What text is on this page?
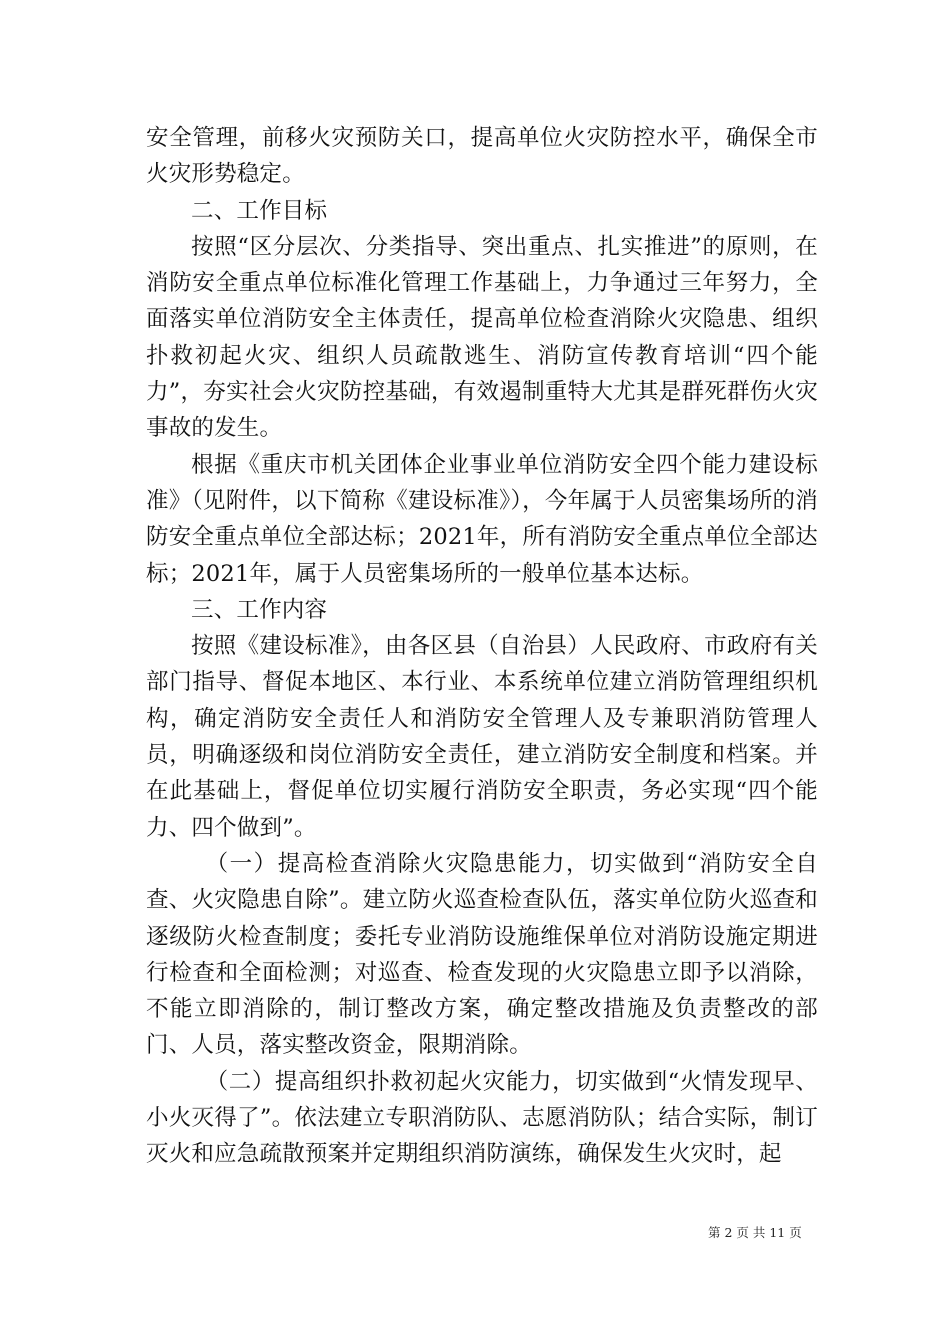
安全管理，前移火灾预防关口，提高单位火灾防控水平，确保全市火灾形势稳定。

二、工作目标

按照“区分层次、分类指导、突出重点、扎实推进”的原则，在消防安全重点单位标准化管理工作基础上，力争通过三年努力，全面落实单位消防安全主体责任，提高单位检查消除火灾隐患、组织扑救初起火灾、组织人员疏散逃生、消防宣传教育培训“四个能力”，夯实社会火灾防控基础，有效遏制重特大尤其是群死群伤火灾事故的发生。

根据《重庆市机关团体企业事业单位消防安全四个能力建设标准》（见附件，以下简称《建设标准》），今年属于人员密集场所的消防安全重点单位全部达标；2021年，所有消防安全重点单位全部达标；2021年，属于人员密集场所的一般单位基本达标。

三、工作内容

按照《建设标准》，由各区县（自治县）人民政府、市政府有关部门指导、督促本地区、本行业、本系统单位建立消防管理组织机构，确定消防安全责任人和消防安全管理人及专兼职消防管理人员，明确逐级和岗位消防安全责任，建立消防安全制度和档案。并在此基础上，督促单位切实履行消防安全职责，务必实现“四个能力、四个做到”。

（一）提高检查消除火灾隐患能力，切实做到“消防安全自查、火灾隐患自除”。建立防火巡查检查队伍，落实单位防火巡查和逐级防火检查制度；委托专业消防设施维保单位对消防设施定期进行检查和全面检测；对巡查、检查发现的火灾隐患立即予以消除，不能立即消除的，制订整改方案，确定整改措施及负责整改的部门、人员，落实整改资金，限期消除。

（二）提高组织扑救初起火灾能力，切实做到“火情发现早、小火灭得了”。依法建立专职消防队、志愿消防队；结合实际，制订灭火和应急疏散预案并定期组织消防演练，确保发生火灾时，起

第 2 页 共 11 页
